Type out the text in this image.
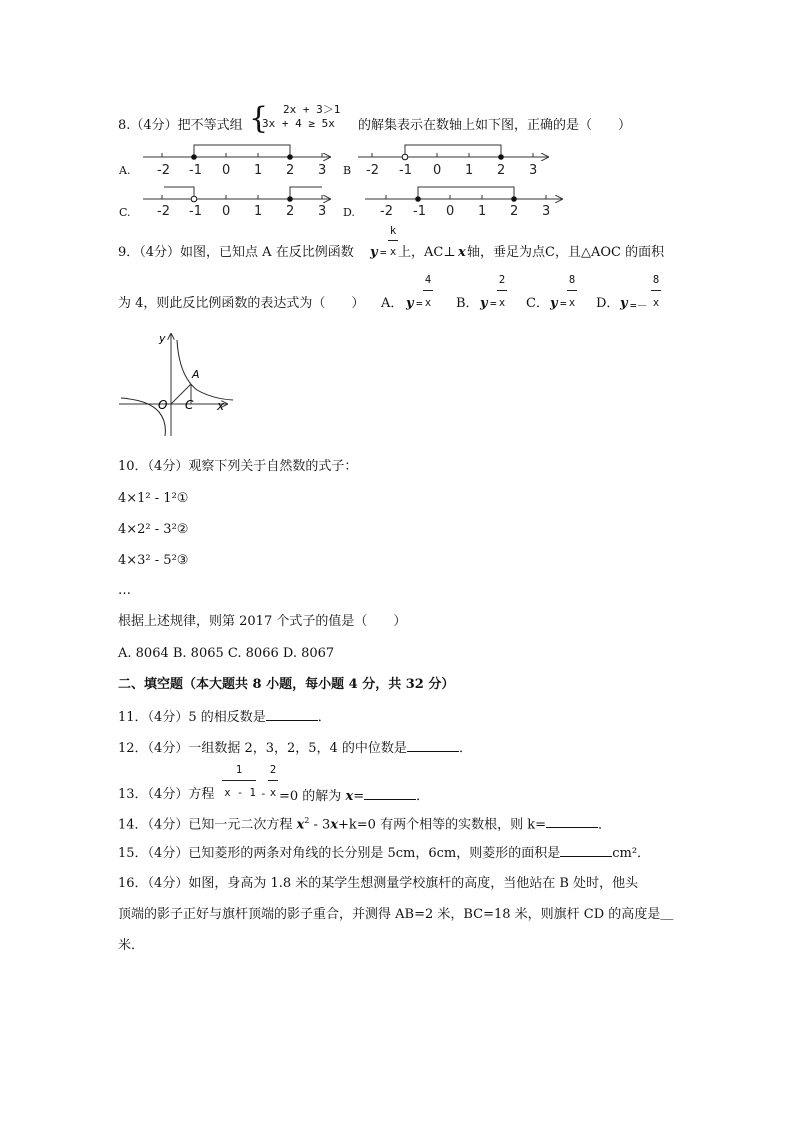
8.（4分）把不等式组 { 2x + 3＞1
3x + 4 ≥ 5x 的解集表示在数轴上如下图，正确的是（　　）
A.	B
C.	D.
-2 -1 0 1 2 3	-2 -1 0 1 2 3
-2 -1 0 1 2 3	-2 -1 0 1 2 3
9．（4分）如图，已知点 A 在反比例函数 y =
k
x 上，AC⊥ x 轴，垂足为点C，且△AOC 的面积
为 4，则此反比例函数的表达式为（　　） A． y =
4
x B． y =
2
x C． y =
8
x D． y =－
8
x
y
x
O C
A
10．（4分）观察下列关于自然数的式子：
4×1² - 1²①
4×2² - 3²②
4×3² - 5²③
…
根据上述规律，则第 2017 个式子的值是（　　）
A. 8064 B. 8065 C. 8066 D. 8067
二、填空题（本大题共 8 小题，每小题 4 分，共 32 分）
11．（4分）5 的相反数是	．
12．（4分）一组数据 2，3，2，5，4 的中位数是	．
13．（4分）方程
1
x - 1 -
2
x =0 的解为 x=	．
14．（4分）已知一元二次方程 $x^2 - 3x+k=0$ 有两个相等的实数根，则 k=	．
15．（4分）已知菱形的两条对角线的长分别是 5cm，6cm，则菱形的面积是	cm²．
16．（4分）如图，身高为 1.8 米的某学生想测量学校旗杆的高度，当他站在 B 处时，他头
顶端的影子正好与旗杆顶端的影子重合，并测得 AB=2 米，BC=18 米，则旗杆 CD 的高度是＿
米．
